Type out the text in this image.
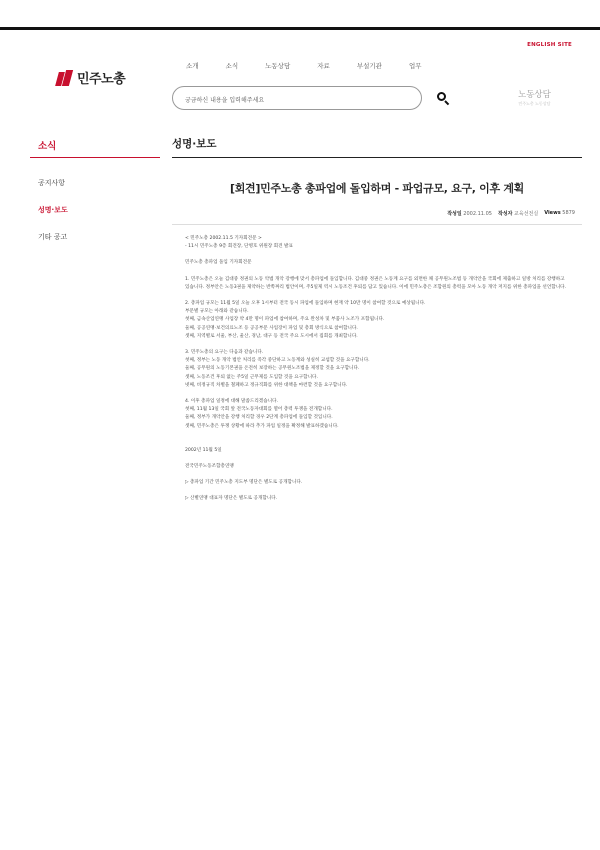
ENGLISH SITE
민주노총
소개	소식	노동상담	자료	부설기관	업무
궁금하신 내용을 입력해주세요
노동상담
민주노총 노동상담
소식	성명·보도
공지사항
성명·보도
기타 공고
[회견]민주노총 총파업에 돌입하며 - 파업규모, 요구, 이후 계획
작성일 2002.11.05 작성자 교육선전실 Views 5879

< 민주노총 2002.11.5 기자회견문 >

- 11시 민주노총 9층 회견장, 단병호 위원장 회견 발표

민주노총 총파업 돌입 기자회견문

1. 민주노총은 오늘 김대중 정권의 노동 악법 개악 강행에 맞서 총파업에 돌입합니다. 김대중 정권은 노동계 요구를 외면한 채 공무원노조법 등 개악안을 국회에 제출하고 일방 처리를 강행하고 있습니다. 정부안은 노동3권을 제약하는 반쪽짜리 법안이며, 주5일제 역시 노동조건 후퇴를 담고 있습니다. 이에 민주노총은 조합원의 총력을 모아 노동 개악 저지를 위한 총파업을 선언합니다.

2. 총파업 규모는 11월 5일 오늘 오후 1시부터 전국 동시 파업에 돌입하며 현재 약 10만 명이 참여할 것으로 예상됩니다.

부문별 규모는 아래와 같습니다.

첫째, 금속산업연맹 사업장 약 4만 명이 파업에 참여하며, 주요 완성차 및 부품사 노조가 포함됩니다.

둘째, 공공연맹·보건의료노조 등 공공부문 사업장이 파업 및 총회 방식으로 참여합니다.

셋째, 지역별로 서울, 부산, 울산, 경남, 대구 등 전국 주요 도시에서 집회를 개최합니다.

3. 민주노총의 요구는 다음과 같습니다.

첫째, 정부는 노동 개악 법안 처리를 즉각 중단하고 노동계와 성실히 교섭할 것을 요구합니다.

둘째, 공무원의 노동기본권을 온전히 보장하는 공무원노조법을 제정할 것을 요구합니다.

셋째, 노동조건 후퇴 없는 주5일 근무제를 도입할 것을 요구합니다.

넷째, 비정규직 차별을 철폐하고 정규직화를 위한 대책을 마련할 것을 요구합니다.

4. 이후 총파업 일정에 대해 말씀드리겠습니다.

첫째, 11월 13일 국회 앞 전국노동자대회를 열어 총력 투쟁을 전개합니다.

둘째, 정부가 개악안을 강행 처리할 경우 2단계 총파업에 돌입할 것입니다.

셋째, 민주노총은 투쟁 상황에 따라 추가 파업 일정을 확정해 발표하겠습니다.

2002년 11월 5일

전국민주노동조합총연맹

▷ 총파업 기간 민주노총 지도부 명단은 별도로 공개합니다.

▷ 산별연맹 대표자 명단은 별도로 공개합니다.
